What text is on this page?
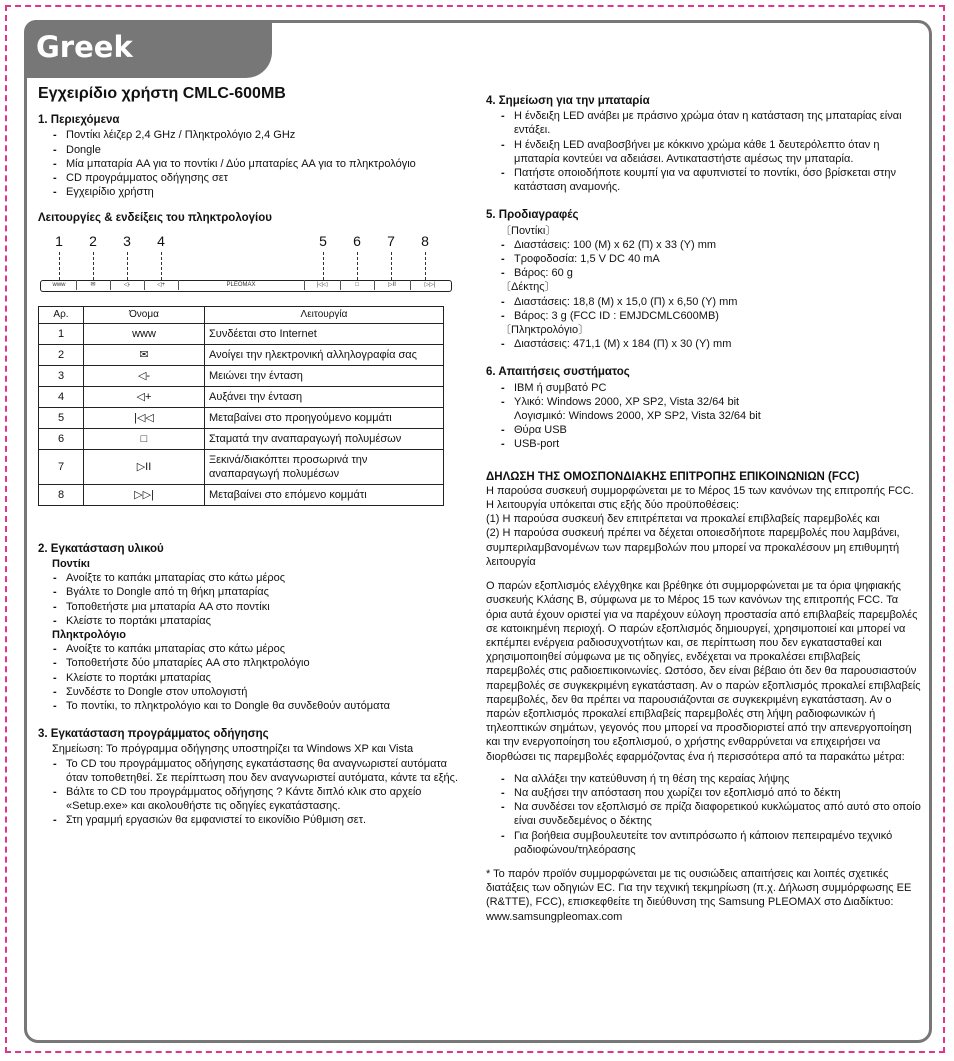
Greek
Εγχειρίδιο χρήστη CMLC-600MB
1. Περιεχόμενα
- Ποντίκι λέιζερ 2,4 GHz / Πληκτρολόγιο 2,4 GHz
- Dongle
- Μία μπαταρία AA για το ποντίκι / Δύο μπαταρίες AA για το πληκτρολόγιο
- CD προγράμματος οδήγησης σετ
- Εγχειρίδιο χρήστη
Λειτουργίες & ενδείξεις του πληκτρολογίου
1 2 3 4	5 6 7 8
www	✉	◁-	◁+	PLEOMAX	|◁◁	□	▷II	▷▷|
Αρ.	Όνομα	Λειτουργία
1	www	Συνδέεται στο Internet
2	✉	Ανοίγει την ηλεκτρονική αλληλογραφία σας
3	◁-	Μειώνει την ένταση
4	◁+	Αυξάνει την ένταση
5	|◁◁	Μεταβαίνει στο προηγούμενο κομμάτι
6	□	Σταματά την αναπαραγωγή πολυμέσων
7	▷II	Ξεκινά/διακόπτει προσωρινά την αναπαραγωγή πολυμέσων
8	▷▷|	Μεταβαίνει στο επόμενο κομμάτι
2. Εγκατάσταση υλικού
Ποντίκι
- Ανοίξτε το καπάκι μπαταρίας στο κάτω μέρος
- Βγάλτε το Dongle από τη θήκη μπαταρίας
- Τοποθετήστε μια μπαταρία AA στο ποντίκι
- Κλείστε το πορτάκι μπαταρίας
Πληκτρολόγιο
- Ανοίξτε το καπάκι μπαταρίας στο κάτω μέρος
- Τοποθετήστε δύο μπαταρίες AA στο πληκτρολόγιο
- Κλείστε το πορτάκι μπαταρίας
- Συνδέστε το Dongle στον υπολογιστή
- Το ποντίκι, το πληκτρολόγιο και το Dongle θα συνδεθούν αυτόματα
3. Εγκατάσταση προγράμματος οδήγησης

Σημείωση: Το πρόγραμμα οδήγησης υποστηρίζει τα Windows XP και Vista

- Το CD του προγράμματος οδήγησης εγκατάστασης θα αναγνωριστεί αυτόματα όταν τοποθετηθεί. Σε περίπτωση που δεν αναγνωριστεί αυτόματα, κάντε τα εξής.
- Βάλτε το CD του προγράμματος οδήγησης ? Κάντε διπλό κλικ στο αρχείο «Setup.exe» και ακολουθήστε τις οδηγίες εγκατάστασης.
- Στη γραμμή εργασιών θα εμφανιστεί το εικονίδιο Ρύθμιση σετ.
4. Σημείωση για την μπαταρία
- Η ένδειξη LED ανάβει με πράσινο χρώμα όταν η κατάσταση της μπαταρίας είναι εντάξει.
- Η ένδειξη LED αναβοσβήνει με κόκκινο χρώμα κάθε 1 δευτερόλεπτο όταν η μπαταρία κοντεύει να αδειάσει. Αντικαταστήστε αμέσως την μπαταρία.
- Πατήστε οποιοδήποτε κουμπί για να αφυπνιστεί το ποντίκι, όσο βρίσκεται στην κατάσταση αναμονής.
5. Προδιαγραφές

〔Ποντίκι〕

- Διαστάσεις: 100 (Μ) x 62 (Π) x 33 (Υ) mm
- Τροφοδοσία: 1,5 V DC 40 mA
- Βάρος: 60 g

〔Δέκτης〕

- Διαστάσεις: 18,8 (Μ) x 15,0 (Π) x 6,50 (Υ) mm
- Βάρος: 3 g (FCC ID : EMJDCMLC600MB)

〔Πληκτρολόγιο〕

- Διαστάσεις: 471,1 (Μ) x 184 (Π) x 30 (Υ) mm
6. Απαιτήσεις συστήματος
- IBM ή συμβατό PC
- Υλικό: Windows 2000, XP SP2, Vista 32/64 bit

Λογισμικό: Windows 2000, XP SP2, Vista 32/64 bit

- Θύρα USB
- USB-port
ΔΗΛΩΣΗ ΤΗΣ ΟΜΟΣΠΟΝΔΙΑΚΗΣ ΕΠΙΤΡΟΠΗΣ ΕΠΙΚΟΙΝΩΝΙΩΝ (FCC)

Η παρούσα συσκευή συμμορφώνεται με το Μέρος 15 των κανόνων της επιτροπής FCC. Η λειτουργία υπόκειται στις εξής δύο προϋποθέσεις:

(1) Η παρούσα συσκευή δεν επιτρέπεται να προκαλεί επιβλαβείς παρεμβολές και

(2) Η παρούσα συσκευή πρέπει να δέχεται οποιεσδήποτε παρεμβολές που λαμβάνει, συμπεριλαμβανομένων των παρεμβολών που μπορεί να προκαλέσουν μη επιθυμητή λειτουργία

Ο παρών εξοπλισμός ελέγχθηκε και βρέθηκε ότι συμμορφώνεται με τα όρια ψηφιακής συσκευής Κλάσης B, σύμφωνα με το Μέρος 15 των κανόνων της επιτροπής FCC. Τα όρια αυτά έχουν οριστεί για να παρέχουν εύλογη προστασία από επιβλαβείς παρεμβολές σε κατοικημένη περιοχή. Ο παρών εξοπλισμός δημιουργεί, χρησιμοποιεί και μπορεί να εκπέμπει ενέργεια ραδιοσυχνοτήτων και, σε περίπτωση που δεν εγκατασταθεί και χρησιμοποιηθεί σύμφωνα με τις οδηγίες, ενδέχεται να προκαλέσει επιβλαβείς παρεμβολές στις ραδιοεπικοινωνίες. Ωστόσο, δεν είναι βέβαιο ότι δεν θα παρουσιαστούν παρεμβολές σε συγκεκριμένη εγκατάσταση. Αν ο παρών εξοπλισμός προκαλεί επιβλαβείς παρεμβολές, δεν θα πρέπει να παρουσιάζονται σε συγκεκριμένη εγκατάσταση. Αν ο παρών εξοπλισμός προκαλεί επιβλαβείς παρεμβολές στη λήψη ραδιοφωνικών ή τηλεοπτικών σημάτων, γεγονός που μπορεί να προσδιοριστεί από την απενεργοποίηση και την ενεργοποίηση του εξοπλισμού, ο χρήστης ενθαρρύνεται να επιχειρήσει να διορθώσει τις παρεμβολές εφαρμόζοντας ένα ή περισσότερα από τα παρακάτω μέτρα:

- Να αλλάξει την κατεύθυνση ή τη θέση της κεραίας λήψης
- Να αυξήσει την απόσταση που χωρίζει τον εξοπλισμό από το δέκτη
- Να συνδέσει τον εξοπλισμό σε πρίζα διαφορετικού κυκλώματος από αυτό στο οποίο είναι συνδεδεμένος ο δέκτης
- Για βοήθεια συμβουλευτείτε τον αντιπρόσωπο ή κάποιον πεπειραμένο τεχνικό ραδιοφώνου/τηλεόρασης

* Το παρόν προϊόν συμμορφώνεται με τις ουσιώδεις απαιτήσεις και λοιπές σχετικές διατάξεις των οδηγιών EC. Για την τεχνική τεκμηρίωση (π.χ. Δήλωση συμμόρφωσης EE (R&TTE), FCC), επισκεφθείτε τη διεύθυνση της Samsung PLEOMAX στο Διαδίκτυο: www.samsungpleomax.com
